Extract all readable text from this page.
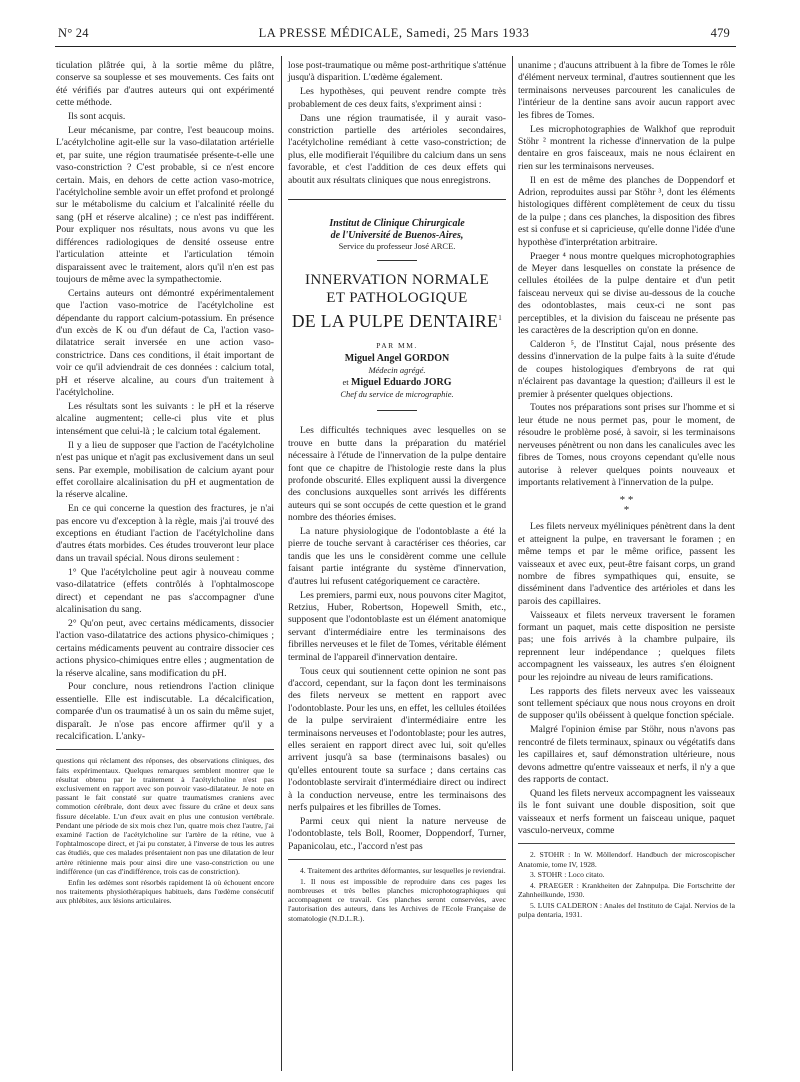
N° 24	LA PRESSE MÉDICALE, Samedi, 25 Mars 1933	479

ticulation plâtrée qui, à la sortie même du plâtre, conserve sa souplesse et ses mouvements. Ces faits ont été vérifiés par d'autres auteurs qui ont expérimenté cette méthode.

Ils sont acquis.

Leur mécanisme, par contre, l'est beaucoup moins. L'acétylcholine agit-elle sur la vaso-dilatation artérielle et, par suite, une région traumatisée présente-t-elle une vaso-constriction ? C'est probable, si ce n'est encore certain. Mais, en dehors de cette action vaso-motrice, l'acétylcholine semble avoir un effet profond et prolongé sur le métabolisme du calcium et l'alcalinité réelle du sang (pH et réserve alcaline) ; ce n'est pas indifférent. Pour expliquer nos résultats, nous avons vu que les différences radiologiques de densité osseuse entre l'articulation atteinte et l'articulation témoin disparaissent avec le traitement, alors qu'il n'en est pas toujours de même avec la sympathectomie.

Certains auteurs ont démontré expérimentalement que l'action vaso-motrice de l'acétylcholine est dépendante du rapport calcium-potassium. En présence d'un excès de K ou d'un défaut de Ca, l'action vaso-dilatatrice serait inversée en une action vaso-constrictrice. Dans ces conditions, il était important de voir ce qu'il adviendrait de ces données : calcium total, pH et réserve alcaline, au cours d'un traitement à l'acétylcholine.

Les résultats sont les suivants : le pH et la réserve alcaline augmentent; celle-ci plus vite et plus intensément que celui-là ; le calcium total également.

Il y a lieu de supposer que l'action de l'acétylcholine n'est pas unique et n'agit pas exclusivement dans un seul sens. Par exemple, mobilisation de calcium ayant pour effet corollaire alcalinisation du pH et augmentation de la réserve alcaline.

En ce qui concerne la question des fractures, je n'ai pas encore vu d'exception à la règle, mais j'ai trouvé des exceptions en étudiant l'action de l'acétylcholine dans d'autres états morbides. Ces études trouveront leur place dans un travail spécial. Nous dirons seulement :

1° Que l'acétylcholine peut agir à nouveau comme vaso-dilatatrice (effets contrôlés à l'ophtalmoscope direct) et cependant ne pas s'accompagner d'une alcalinisation du sang.

2° Qu'on peut, avec certains médicaments, dissocier l'action vaso-dilatatrice des actions physico-chimiques ; certains médicaments peuvent au contraire dissocier ces actions physico-chimiques entre elles ; augmentation de la réserve alcaline, sans modification du pH.

Pour conclure, nous retiendrons l'action clinique essentielle. Elle est indiscutable. La décalcification, comparée d'un os traumatisé à un os sain du même sujet, disparaît. Je n'ose pas encore affirmer qu'il y a recalcification. L'anky-

questions qui réclament des réponses, des observations cliniques, des faits expérimentaux. Quelques remarques semblent montrer que le résultat obtenu par le traitement à l'acétylcholine n'est pas exclusivement en rapport avec son pouvoir vaso-dilatateur. Je note en passant le fait constaté sur quatre traumatismes craniens avec commotion cérébrale, dont deux avec fissure du crâne et deux sans fissure décelable. L'un d'eux avait en plus une contusion vertébrale. Pendant une période de six mois chez l'un, quatre mois chez l'autre, j'ai examiné l'action de l'acétylcholine sur l'artère de la rétine, vue à l'ophtalmoscope direct, et j'ai pu constater, à l'inverse de tous les autres cas étudiés, que ces malades présentaient non pas une dilatation de leur artère rétinienne mais pour ainsi dire une vaso-constriction ou une indifférence (un cas d'indifférence, trois cas de constriction).

Enfin les œdèmes sont résorbés rapidement là où échouent encore nos traitements physiothérapiques habituels, dans l'œdème consécutif aux phlébites, aux lésions articulaires.

lose post-traumatique ou même post-arthritique s'atténue jusqu'à disparition. L'œdème également.

Les hypothèses, qui peuvent rendre compte très probablement de ces deux faits, s'expriment ainsi :

Dans une région traumatisée, il y aurait vaso-constriction partielle des artérioles secondaires, l'acétylcholine remédiant à cette vaso-constriction; de plus, elle modifierait l'équilibre du calcium dans un sens favorable, et c'est l'addition de ces deux effets qui aboutit aux résultats cliniques que nous enregistrons.

Institut de Clinique Chirurgicale
de l'Université de Buenos-Aires,
Service du professeur José ARCE.
INNERVATION NORMALE
ET PATHOLOGIQUE
DE LA PULPE DENTAIRE$^1$
PAR MM.
Miguel Angel GORDON
Médecin agrégé.
et Miguel Eduardo JORG
Chef du service de micrographie.

Les difficultés techniques avec lesquelles on se trouve en butte dans la préparation du matériel nécessaire à l'étude de l'innervation de la pulpe dentaire font que ce chapitre de l'histologie reste dans la plus profonde obscurité. Elles expliquent aussi la divergence des conclusions auxquelles sont arrivés les différents auteurs qui se sont occupés de cette question et le grand nombre des théories émises.

La nature physiologique de l'odontoblaste a été la pierre de touche servant à caractériser ces théories, car tandis que les uns le considèrent comme une cellule faisant partie intégrante du système d'innervation, d'autres lui refusent catégoriquement ce caractère.

Les premiers, parmi eux, nous pouvons citer Magitot, Retzius, Huber, Robertson, Hopewell Smith, etc., supposent que l'odontoblaste est un élément anatomique servant d'intermédiaire entre les terminaisons des fibrilles nerveuses et le filet de Tomes, véritable élément terminal de l'appareil d'innervation dentaire.

Tous ceux qui soutiennent cette opinion ne sont pas d'accord, cependant, sur la façon dont les terminaisons des filets nerveux se mettent en rapport avec l'odontoblaste. Pour les uns, en effet, les cellules étoilées de la pulpe serviraient d'intermédiaire entre les terminaisons nerveuses et l'odontoblaste; pour les autres, elles seraient en rapport direct avec lui, soit qu'elles arrivent jusqu'à sa base (terminaisons basales) ou qu'elles entourent toute sa surface ; dans certains cas l'odontoblaste servirait d'intermédiaire direct ou indirect à la conduction nerveuse, entre les terminaisons des nerfs pulpaires et les fibrilles de Tomes.

Parmi ceux qui nient la nature nerveuse de l'odontoblaste, tels Boll, Roomer, Doppendorf, Turner, Papanicolau, etc., l'accord n'est pas

4. Traitement des arthrites déformantes, sur lesquelles je reviendrai.

1. Il nous est impossible de reproduire dans ces pages les nombreuses et très belles planches microphotographiques qui accompagnent ce travail. Ces planches seront conservées, avec l'autorisation des auteurs, dans les Archives de l'Ecole Française de stomatologie (N.D.L.R.).

unanime ; d'aucuns attribuent à la fibre de Tomes le rôle d'élément nerveux terminal, d'autres soutiennent que les terminaisons nerveuses parcourent les canalicules de l'intérieur de la dentine sans avoir aucun rapport avec les fibres de Tomes.

Les microphotographies de Walkhof que reproduit Stöhr ² montrent la richesse d'innervation de la pulpe dentaire en gros faisceaux, mais ne nous éclairent en rien sur les terminaisons nerveuses.

Il en est de même des planches de Doppendorf et Adrion, reproduites aussi par Stöhr ³, dont les éléments histologiques diffèrent complètement de ceux du tissu de la pulpe ; dans ces planches, la disposition des fibres est si confuse et si capricieuse, qu'elle donne l'idée d'une hypothèse d'interprétation arbitraire.

Praeger ⁴ nous montre quelques microphotographies de Meyer dans lesquelles on constate la présence de cellules étoilées de la pulpe dentaire et d'un petit faisceau nerveux qui se divise au-dessous de la couche des odontoblastes, mais ceux-ci ne sont pas perceptibles, et la division du faisceau ne présente pas les caractères de la description qu'on en donne.

Calderon ⁵, de l'Institut Cajal, nous présente des dessins d'innervation de la pulpe faits à la suite d'étude de coupes histologiques d'embryons de rat qui n'éclairent pas davantage la question; d'ailleurs il est le premier à présenter quelques objections.

Toutes nos préparations sont prises sur l'homme et si leur étude ne nous permet pas, pour le moment, de résoudre le problème posé, à savoir, si les terminaisons nerveuses pénètrent ou non dans les canalicules avec les fibres de Tomes, nous croyons cependant qu'elle nous autorise à relever quelques points nouveaux et importants relativement à l'innervation de la pulpe.

* *
*

Les filets nerveux myéliniques pénètrent dans la dent et atteignent la pulpe, en traversant le foramen ; en même temps et par le même orifice, passent les vaisseaux et avec eux, peut-être faisant corps, un grand nombre de fibres sympathiques qui, ensuite, se disséminent dans l'adventice des artérioles et dans les parois des capillaires.

Vaisseaux et filets nerveux traversent le foramen formant un paquet, mais cette disposition ne persiste pas; une fois arrivés à la chambre pulpaire, ils reprennent leur indépendance ; quelques filets accompagnent les vaisseaux, les autres s'en éloignent pour les rejoindre au niveau de leurs ramifications.

Les rapports des filets nerveux avec les vaisseaux sont tellement spéciaux que nous nous croyons en droit de supposer qu'ils obéissent à quelque fonction spéciale.

Malgré l'opinion émise par Stöhr, nous n'avons pas rencontré de filets terminaux, spinaux ou végétatifs dans les capillaires et, sauf démonstration ultérieure, nous devons admettre qu'entre vaisseaux et nerfs, il n'y a que des rapports de contact.

Quand les filets nerveux accompagnent les vaisseaux ils le font suivant une double disposition, soit que vaisseaux et nerfs forment un faisceau unique, paquet vasculo-nerveux, comme

2. STOHR : In W. Möllendorf. Handbuch der microscopischer Anatomie, tome IV, 1928.

3. STOHR : Loco citato.

4. PRAEGER : Krankheiten der Zahnpulpa. Die Fortschritte der Zahnheilkunde, 1930.

5. LUIS CALDERON : Anales del Instituto de Cajal. Nervios de la pulpa dentaria, 1931.
